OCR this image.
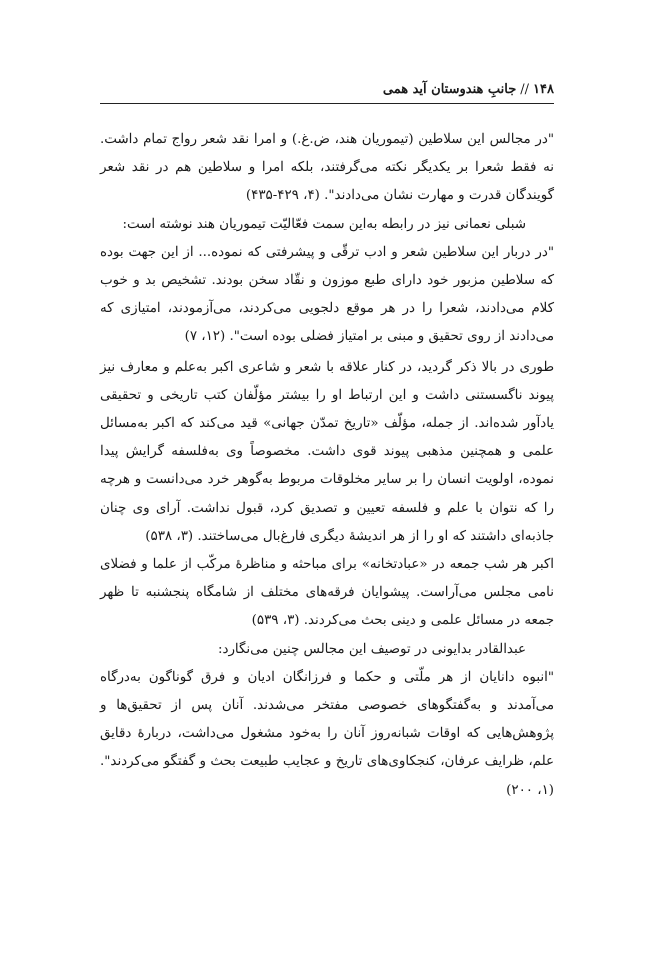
۱۴۸
//
جانبِ هندوستان آید همی

"در مجالس این سلاطین (تیموریان هند، ض.غ.) و امرا نقد شعر رواج تمام داشت. نه فقط شعرا بر یکدیگر نکته می‌گرفتند، بلکه امرا و سلاطین هم در نقد شعر گویندگان قدرت و مهارت نشان می‌دادند". (۴، ۴۲۹-۴۳۵)

شبلی نعمانی نیز در رابطه به‌این سمت فعّالیّت تیموریان هند نوشته است:

"در دربار این سلاطین شعر و ادب ترقّی و پیشرفتی که نموده... از این جهت بوده که سلاطین مزبور خود دارای طبع موزون و نقّاد سخن بودند. تشخیص بد و خوب کلام می‌دادند، شعرا را در هر موقع دلجویی می‌کردند، می‌آزمودند، امتیازی که می‌دادند از روی تحقیق و مبنی بر امتیاز فضلی بوده است". (۱۲، ۷)

طوری در بالا ذکر گردید، در کنار علاقه با شعر و شاعری اکبر به‌علم و معارف نیز پیوند ناگسستنی داشت و این ارتباط او را بیشتر مؤلّفان کتب تاریخی و تحقیقی یادآور شده‌اند. از جمله، مؤلّف «تاریخ تمدّن جهانی» قید می‌کند که اکبر به‌مسائل علمی و همچنین مذهبی پیوند قوی داشت. مخصوصاً وی به‌فلسفه گرایش پیدا نموده، اولویت انسان را بر سایر مخلوقات مربوط به‌گوهر خرد می‌دانست و هرچه را که نتوان با علم و فلسفه تعیین و تصدیق کرد، قبول نداشت. آرای وی چنان جاذبه‌ای داشتند که او را از هر اندیشهٔ دیگری فارغ‌بال می‌ساختند. (۳، ۵۳۸)

اکبر هر شب جمعه در «عبادتخانه» برای مباحثه و مناظرهٔ مرکّب از علما و فضلای نامی مجلس می‌آراست. پیشوایان فرقه‌های مختلف از شامگاه پنجشنبه تا ظهر جمعه در مسائل علمی و دینی بحث می‌کردند. (۳، ۵۳۹)

عبدالقادر بدایونی در توصیف این مجالس چنین می‌نگارد:

"انبوه دانایان از هر ملّتی و حکما و فرزانگان ادیان و فرق گوناگون به‌درگاه می‌آمدند و به‌گفتگوهای خصوصی مفتخر می‌شدند. آنان پس از تحقیق‌ها و پژوهش‌هایی که اوقات شبانه‌روز آنان را به‌خود مشغول می‌داشت، دربارهٔ دقایق علم، ظرایف عرفان، کنجکاوی‌های تاریخ و عجایب طبیعت بحث و گفتگو می‌کردند". (۱، ۲۰۰)
